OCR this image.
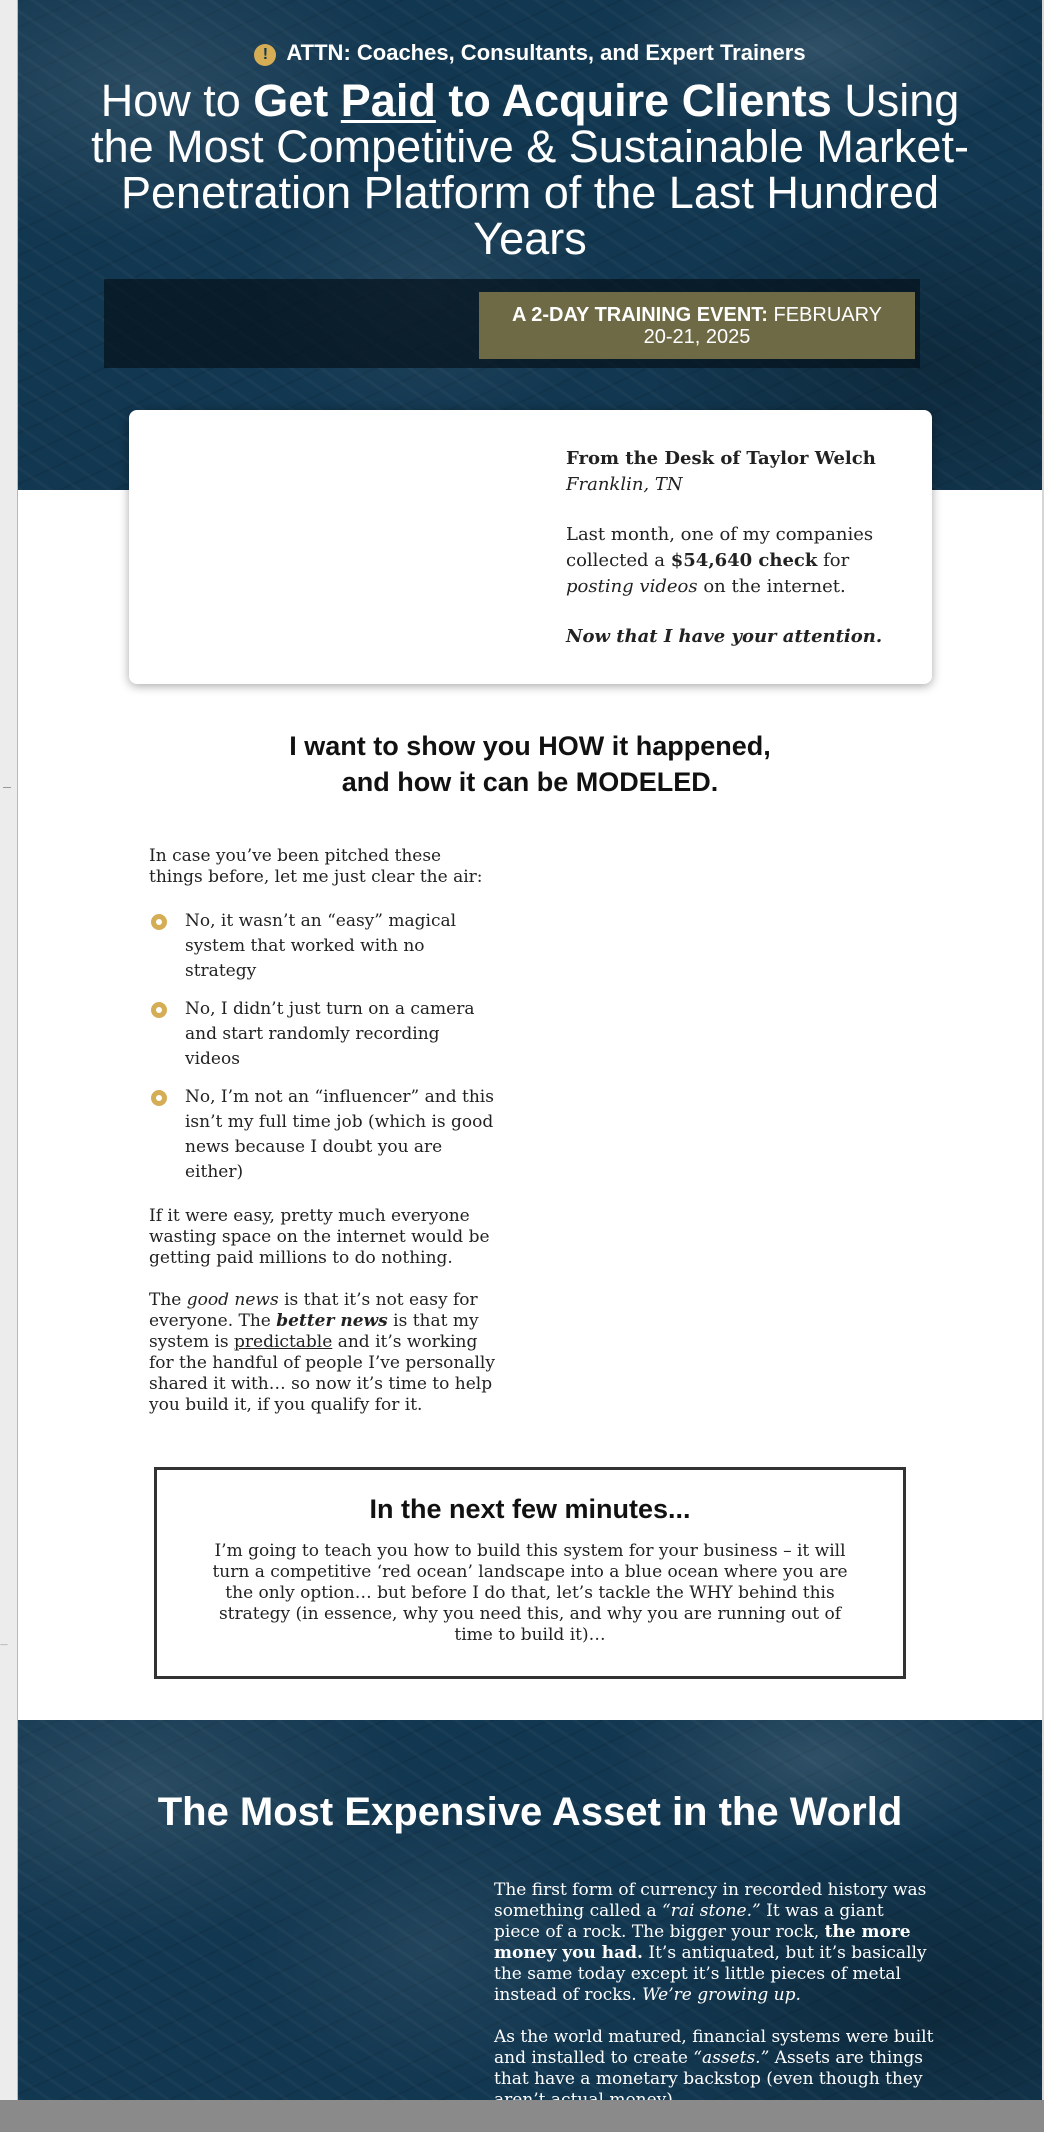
—
! ATTN: Coaches, Consultants, and Expert Trainers
How to Get Paid to Acquire Clients Using the Most Competitive & Sustainable Market-Penetration Platform of the Last Hundred Years
A 2-DAY TRAINING EVENT: FEBRUARY 20-21, 2025

From the Desk of Taylor Welch
Franklin, TN

Last month, one of my companies collected a $54,640 check for posting videos on the internet.

Now that I have your attention.

I want to show you HOW it happened,
and how it can be MODELED.

In case you’ve been pitched these things before, let me just clear the air:

No, it wasn’t an “easy” magical system that worked with no strategy
No, I didn’t just turn on a camera and start randomly recording videos
No, I’m not an “influencer” and this isn’t my full time job (which is good news because I doubt you are either)

If it were easy, pretty much everyone wasting space on the internet would be getting paid millions to do nothing.

The good news is that it’s not easy for everyone. The better news is that my system is predictable and it’s working for the handful of people I’ve personally shared it with… so now it’s time to help you build it, if you qualify for it.

In the next few minutes...
I’m going to teach you how to build this system for your business – it will turn a competitive ‘red ocean’ landscape into a blue ocean where you are the only option… but before I do that, let’s tackle the WHY behind this strategy (in essence, why you need this, and why you are running out of time to build it)…
The Most Expensive Asset in the World

The first form of currency in recorded history was something called a “rai stone.” It was a giant piece of a rock. The bigger your rock, the more money you had. It’s antiquated, but it’s basically the same today except it’s little pieces of metal instead of rocks. We’re growing up.

As the world matured, financial systems were built and installed to create “assets.” Assets are things that have a monetary backstop (even though they
